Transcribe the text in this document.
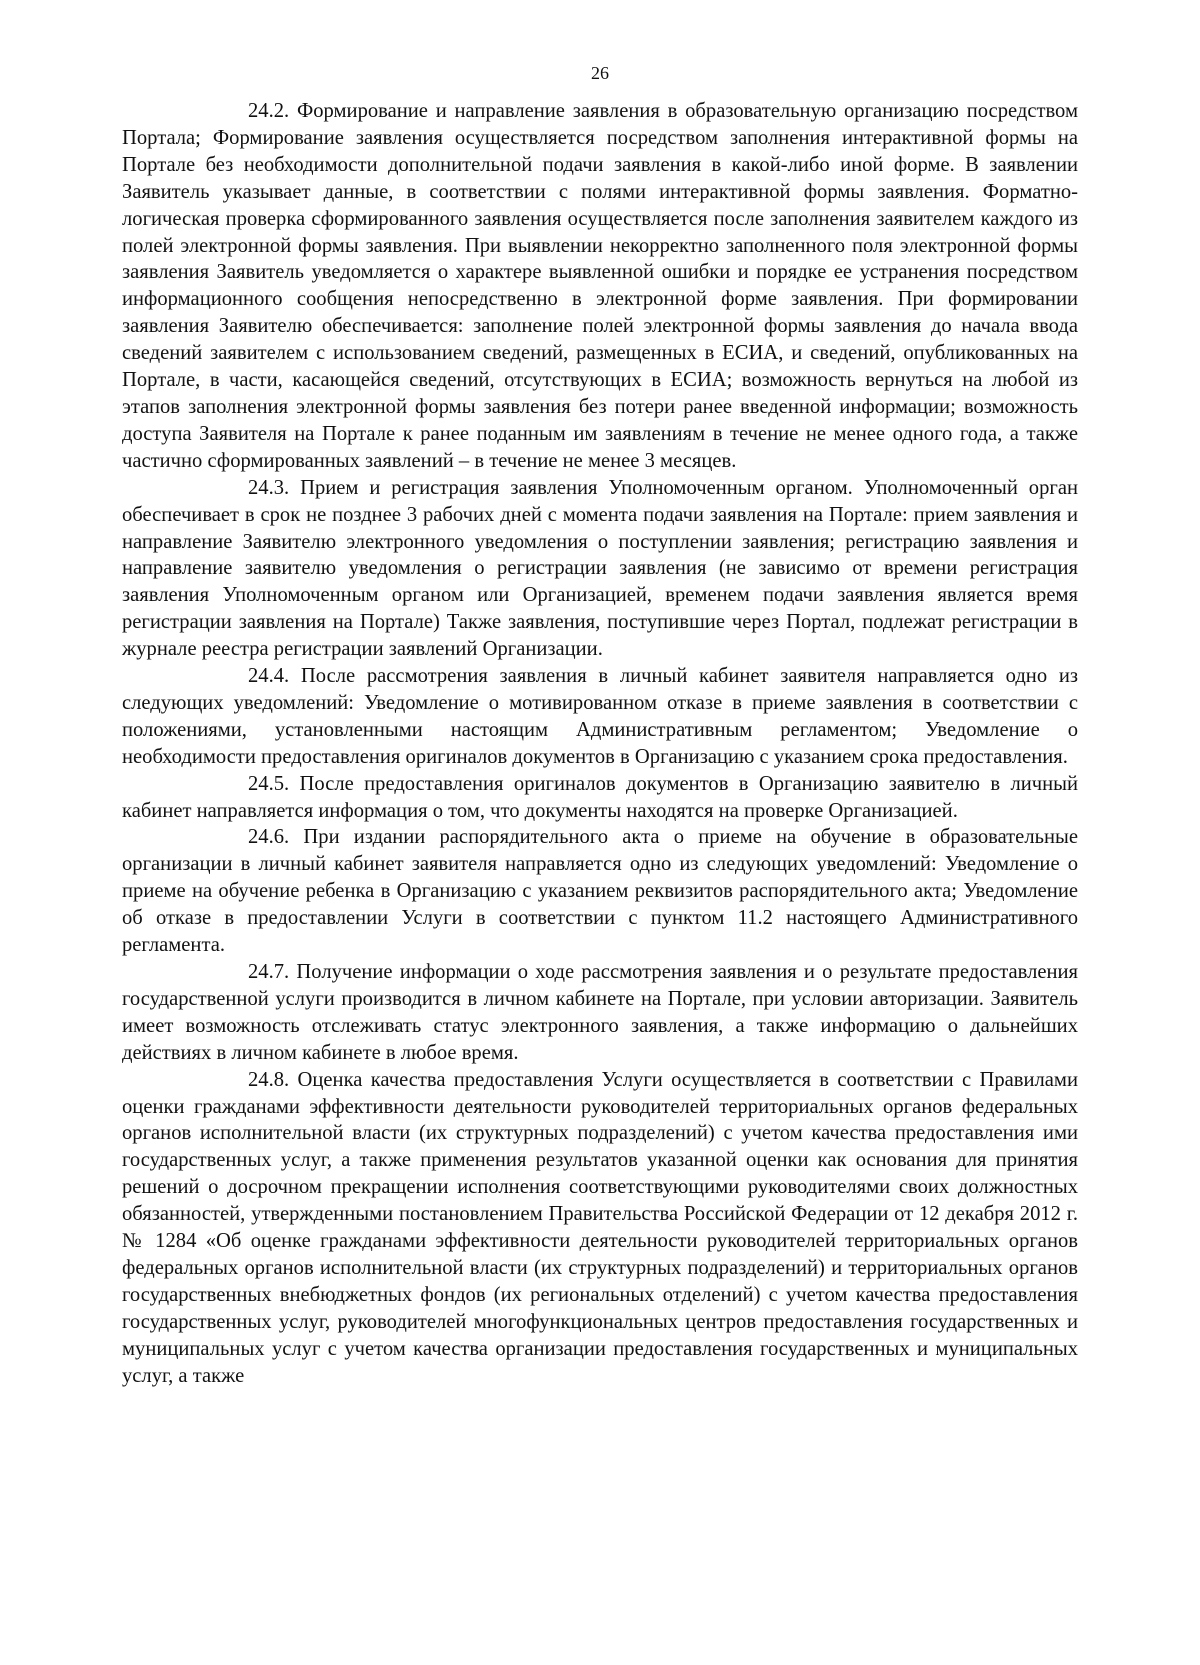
26

24.2. Формирование и направление заявления в образовательную организацию посредством Портала; Формирование заявления осуществляется посредством заполнения интерактивной формы на Портале без необходимости дополнительной подачи заявления в какой-либо иной форме. В заявлении Заявитель указывает данные, в соответствии с полями интерактивной формы заявления. Форматно-логическая проверка сформированного заявления осуществляется после заполнения заявителем каждого из полей электронной формы заявления. При выявлении некорректно заполненного поля электронной формы заявления Заявитель уведомляется о характере выявленной ошибки и порядке ее устранения посредством информационного сообщения непосредственно в электронной форме заявления. При формировании заявления Заявителю обеспечивается: заполнение полей электронной формы заявления до начала ввода сведений заявителем с использованием сведений, размещенных в ЕСИА, и сведений, опубликованных на Портале, в части, касающейся сведений, отсутствующих в ЕСИА; возможность вернуться на любой из этапов заполнения электронной формы заявления без потери ранее введенной информации; возможность доступа Заявителя на Портале к ранее поданным им заявлениям в течение не менее одного года, а также частично сформированных заявлений – в течение не менее 3 месяцев.

24.3. Прием и регистрация заявления Уполномоченным органом. Уполномоченный орган обеспечивает в срок не позднее 3 рабочих дней с момента подачи заявления на Портале: прием заявления и направление Заявителю электронного уведомления о поступлении заявления; регистрацию заявления и направление заявителю уведомления о регистрации заявления (не зависимо от времени регистрация заявления Уполномоченным органом или Организацией, временем подачи заявления является время регистрации заявления на Портале) Также заявления, поступившие через Портал, подлежат регистрации в журнале реестра регистрации заявлений Организации.

24.4. После рассмотрения заявления в личный кабинет заявителя направляется одно из следующих уведомлений: Уведомление о мотивированном отказе в приеме заявления в соответствии с положениями, установленными настоящим Административным регламентом; Уведомление о необходимости предоставления оригиналов документов в Организацию с указанием срока предоставления.

24.5. После предоставления оригиналов документов в Организацию заявителю в личный кабинет направляется информация о том, что документы находятся на проверке Организацией.

24.6. При издании распорядительного акта о приеме на обучение в образовательные организации в личный кабинет заявителя направляется одно из следующих уведомлений: Уведомление о приеме на обучение ребенка в Организацию с указанием реквизитов распорядительного акта; Уведомление об отказе в предоставлении Услуги в соответствии с пунктом 11.2 настоящего Административного регламента.

24.7. Получение информации о ходе рассмотрения заявления и о результате предоставления государственной услуги производится в личном кабинете на Портале, при условии авторизации. Заявитель имеет возможность отслеживать статус электронного заявления, а также информацию о дальнейших действиях в личном кабинете в любое время.

24.8. Оценка качества предоставления Услуги осуществляется в соответствии с Правилами оценки гражданами эффективности деятельности руководителей территориальных органов федеральных органов исполнительной власти (их структурных подразделений) с учетом качества предоставления ими государственных услуг, а также применения результатов указанной оценки как основания для принятия решений о досрочном прекращении исполнения соответствующими руководителями своих должностных обязанностей, утвержденными постановлением Правительства Российской Федерации от 12 декабря 2012 г. № 1284 «Об оценке гражданами эффективности деятельности руководителей территориальных органов федеральных органов исполнительной власти (их структурных подразделений) и территориальных органов государственных внебюджетных фондов (их региональных отделений) с учетом качества предоставления государственных услуг, руководителей многофункциональных центров предоставления государственных и муниципальных услуг с учетом качества организации предоставления государственных и муниципальных услуг, а также
